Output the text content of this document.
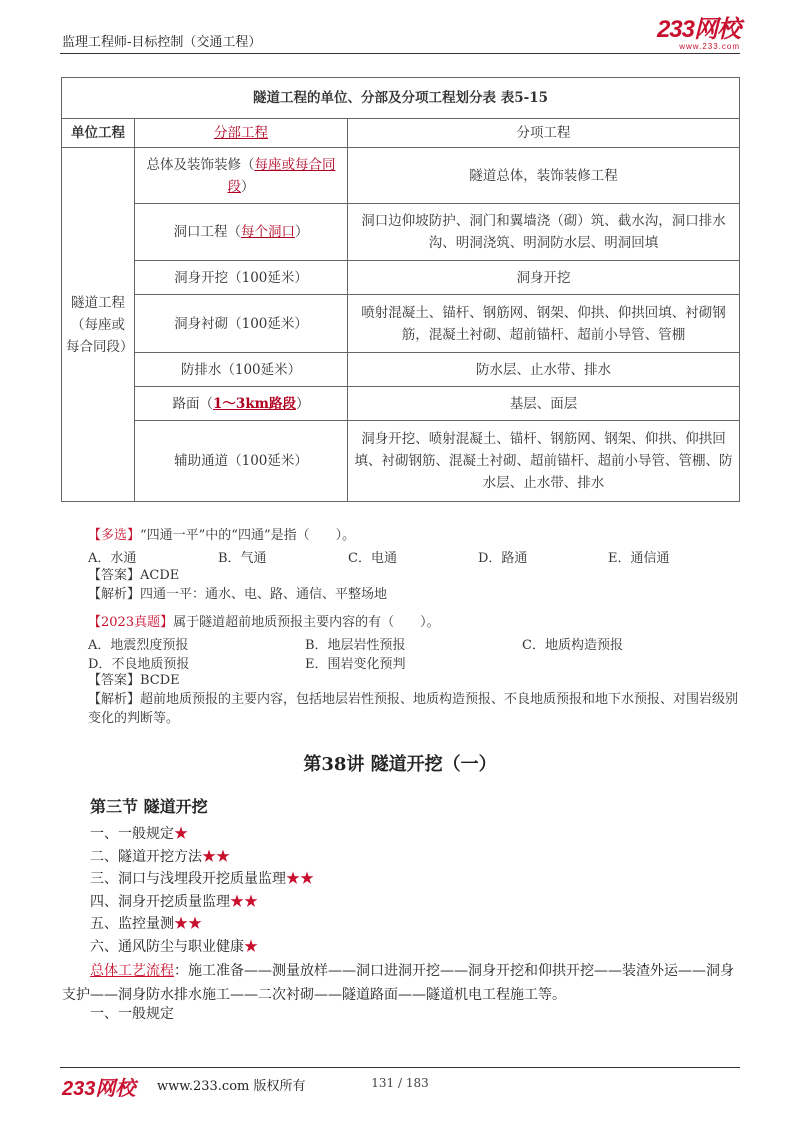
监理工程师-目标控制（交通工程）	233网校
www.233.com
隧道工程的单位、分部及分项工程划分表 表5-15		
单位工程	分部工程	分项工程
隧道工程（每座或每合同段）	总体及装饰装修（每座或每合同段）	隧道总体，装饰装修工程
	洞口工程（每个洞口）	洞口边仰坡防护、洞门和翼墙浇（砌）筑、截水沟，洞口排水沟、明洞浇筑、明洞防水层、明洞回填
	洞身开挖（100延米）	洞身开挖
	洞身衬砌（100延米）	喷射混凝土、锚杆、钢筋网、钢架、仰拱、仰拱回填、衬砌钢筋，混凝土衬砌、超前锚杆、超前小导管、管棚
	防排水（100延米）	防水层、止水带、排水
	路面（1～3km路段）	基层、面层
	辅助通道（100延米）	洞身开挖、喷射混凝土、锚杆、钢筋网、钢架、仰拱、仰拱回填、衬砌钢筋、混凝土衬砌、超前锚杆、超前小导管、管棚、防水层、止水带、排水
【多选】“四通一平”中的“四通”是指（　　）。
A．水通	B．气通	C．电通	D．路通	E．通信通
【答案】ACDE
【解析】四通一平：通水、电、路、通信、平整场地
【2023真题】属于隧道超前地质预报主要内容的有（　　）。
A．地震烈度预报	B．地层岩性预报	C．地质构造预报
D．不良地质预报	E．围岩变化预判
【答案】BCDE
【解析】超前地质预报的主要内容，包括地层岩性预报、地质构造预报、不良地质预报和地下水预报、对围岩级别变化的判断等。
第38讲 隧道开挖（一）
第三节 隧道开挖
一、一般规定★
二、隧道开挖方法★★
三、洞口与浅埋段开挖质量监理★★
四、洞身开挖质量监理★★
五、监控量测★★
六、通风防尘与职业健康★
总体工艺流程：施工准备——测量放样——洞口进洞开挖——洞身开挖和仰拱开挖——装渣外运——洞身支护——洞身防水排水施工——二次衬砌——隧道路面——隧道机电工程施工等。
一、一般规定
233网校 www.233.com 版权所有	131 / 183
